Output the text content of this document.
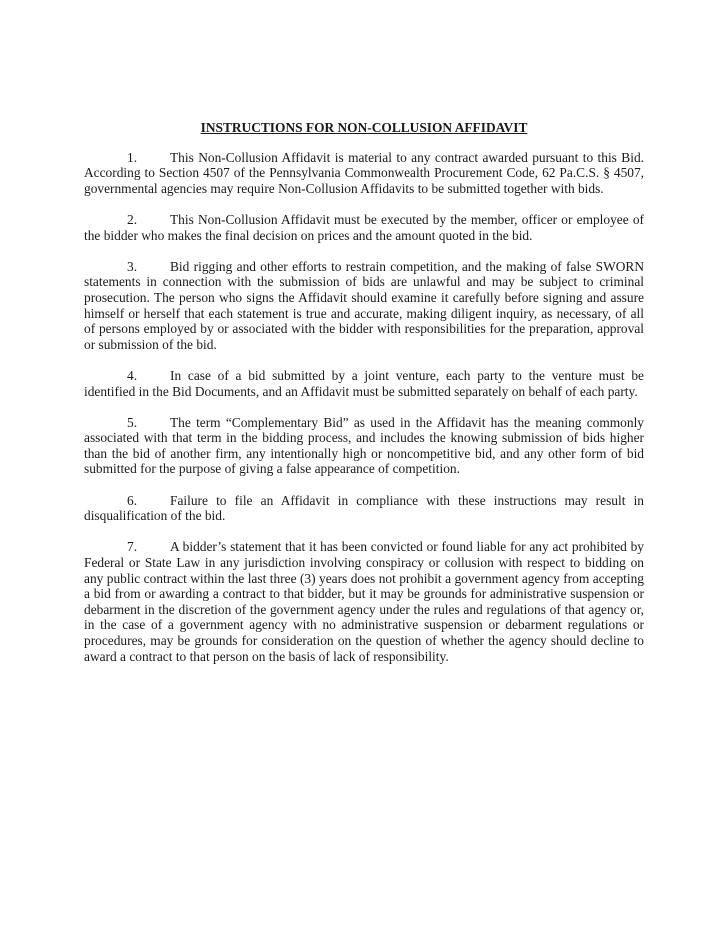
INSTRUCTIONS FOR NON-COLLUSION AFFIDAVIT

1. This Non-Collusion Affidavit is material to any contract awarded pursuant to this Bid. According to Section 4507 of the Pennsylvania Commonwealth Procurement Code, 62 Pa.C.S. § 4507, governmental agencies may require Non-Collusion Affidavits to be submitted together with bids.

2. This Non-Collusion Affidavit must be executed by the member, officer or employee of the bidder who makes the final decision on prices and the amount quoted in the bid.

3. Bid rigging and other efforts to restrain competition, and the making of false SWORN statements in connection with the submission of bids are unlawful and may be subject to criminal prosecution. The person who signs the Affidavit should examine it carefully before signing and assure himself or herself that each statement is true and accurate, making diligent inquiry, as necessary, of all of persons employed by or associated with the bidder with responsibilities for the preparation, approval or submission of the bid.

4. In case of a bid submitted by a joint venture, each party to the venture must be identified in the Bid Documents, and an Affidavit must be submitted separately on behalf of each party.

5. The term “Complementary Bid” as used in the Affidavit has the meaning commonly associated with that term in the bidding process, and includes the knowing submission of bids higher than the bid of another firm, any intentionally high or noncompetitive bid, and any other form of bid submitted for the purpose of giving a false appearance of competition.

6. Failure to file an Affidavit in compliance with these instructions may result in disqualification of the bid.

7. A bidder’s statement that it has been convicted or found liable for any act prohibited by Federal or State Law in any jurisdiction involving conspiracy or collusion with respect to bidding on any public contract within the last three (3) years does not prohibit a government agency from accepting a bid from or awarding a contract to that bidder, but it may be grounds for administrative suspension or debarment in the discretion of the government agency under the rules and regulations of that agency or, in the case of a government agency with no administrative suspension or debarment regulations or procedures, may be grounds for consideration on the question of whether the agency should decline to award a contract to that person on the basis of lack of responsibility.
